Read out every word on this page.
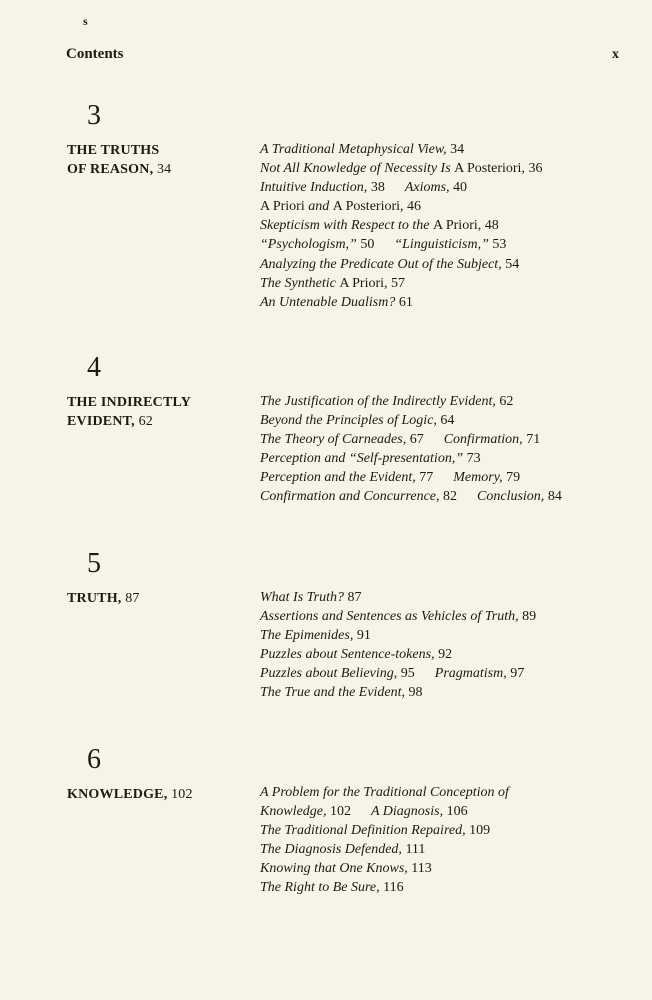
s
Contents	x
3
THE TRUTHS
OF REASON, 34
A Traditional Metaphysical View, 34
Not All Knowledge of Necessity Is A Posteriori, 36
Intuitive Induction, 38 Axioms, 40
A Priori and A Posteriori, 46
Skepticism with Respect to the A Priori, 48
“Psychologism,” 50 “Linguisticism,” 53
Analyzing the Predicate Out of the Subject, 54
The Synthetic A Priori, 57
An Untenable Dualism? 61
4
THE INDIRECTLY
EVIDENT, 62
The Justification of the Indirectly Evident, 62
Beyond the Principles of Logic, 64
The Theory of Carneades, 67 Confirmation, 71
Perception and “Self-presentation,” 73
Perception and the Evident, 77 Memory, 79
Confirmation and Concurrence, 82 Conclusion, 84
5
TRUTH, 87	What Is Truth? 87
Assertions and Sentences as Vehicles of Truth, 89
The Epimenides, 91
Puzzles about Sentence-tokens, 92
Puzzles about Believing, 95 Pragmatism, 97
The True and the Evident, 98
6
KNOWLEDGE, 102	A Problem for the Traditional Conception of
Knowledge, 102 A Diagnosis, 106
The Traditional Definition Repaired, 109
The Diagnosis Defended, 111
Knowing that One Knows, 113
The Right to Be Sure, 116
